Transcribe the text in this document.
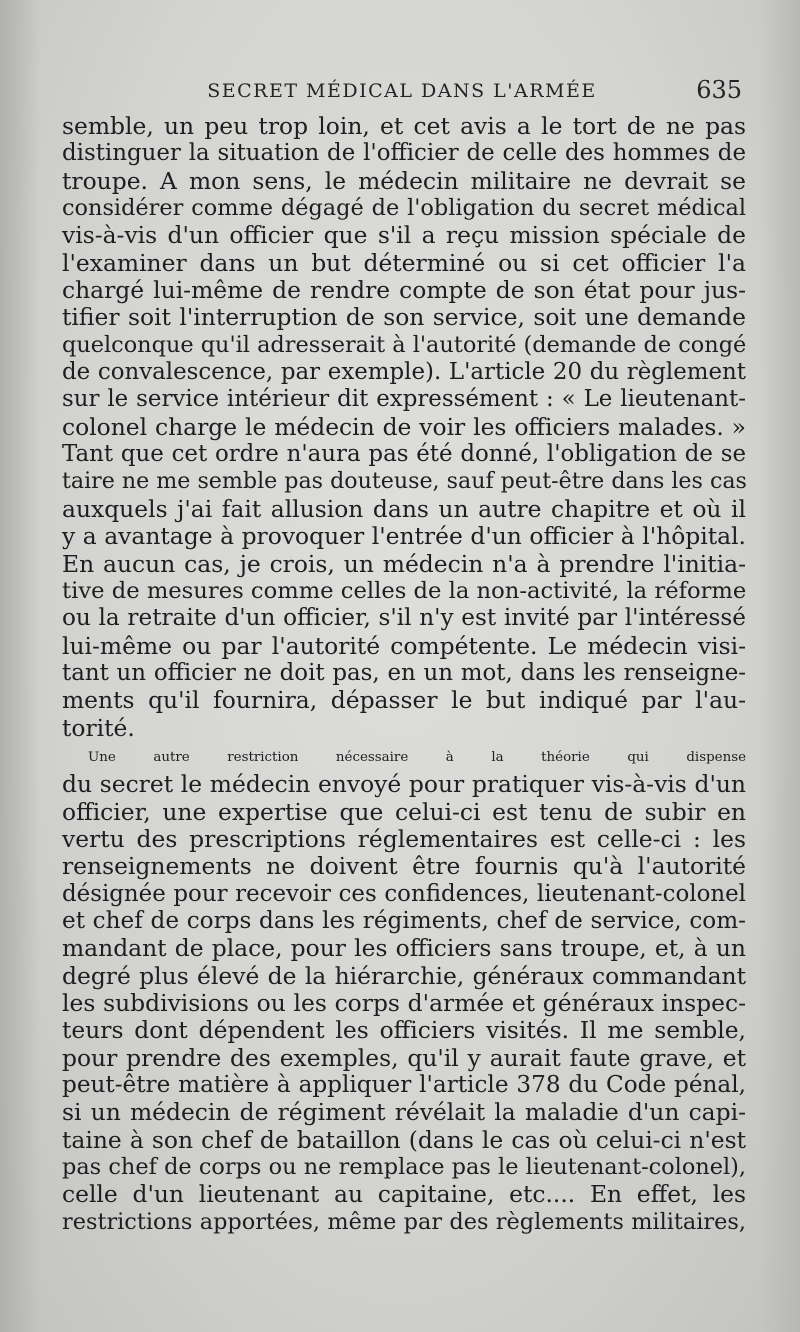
SECRET MÉDICAL DANS L'ARMÉE	635
semble, un peu trop loin, et cet avis a le tort de ne pas
distinguer la situation de l'officier de celle des hommes de
troupe. A mon sens, le médecin militaire ne devrait se
considérer comme dégagé de l'obligation du secret médical
vis-à-vis d'un officier que s'il a reçu mission spéciale de
l'examiner dans un but déterminé ou si cet officier l'a
chargé lui-même de rendre compte de son état pour jus-
tifier soit l'interruption de son service, soit une demande
quelconque qu'il adresserait à l'autorité (demande de congé
de convalescence, par exemple). L'article 20 du règlement
sur le service intérieur dit expressément : « Le lieutenant-
colonel charge le médecin de voir les officiers malades. »
Tant que cet ordre n'aura pas été donné, l'obligation de se
taire ne me semble pas douteuse, sauf peut-être dans les cas
auxquels j'ai fait allusion dans un autre chapitre et où il
y a avantage à provoquer l'entrée d'un officier à l'hôpital.
En aucun cas, je crois, un médecin n'a à prendre l'initia-
tive de mesures comme celles de la non-activité, la réforme
ou la retraite d'un officier, s'il n'y est invité par l'intéressé
lui-même ou par l'autorité compétente. Le médecin visi-
tant un officier ne doit pas, en un mot, dans les renseigne-
ments qu'il fournira, dépasser le but indiqué par l'au-
torité.
Une autre restriction nécessaire à la théorie qui dispense
du secret le médecin envoyé pour pratiquer vis-à-vis d'un
officier, une expertise que celui-ci est tenu de subir en
vertu des prescriptions réglementaires est celle-ci : les
renseignements ne doivent être fournis qu'à l'autorité
désignée pour recevoir ces confidences, lieutenant-colonel
et chef de corps dans les régiments, chef de service, com-
mandant de place, pour les officiers sans troupe, et, à un
degré plus élevé de la hiérarchie, généraux commandant
les subdivisions ou les corps d'armée et généraux inspec-
teurs dont dépendent les officiers visités. Il me semble,
pour prendre des exemples, qu'il y aurait faute grave, et
peut-être matière à appliquer l'article 378 du Code pénal,
si un médecin de régiment révélait la maladie d'un capi-
taine à son chef de bataillon (dans le cas où celui-ci n'est
pas chef de corps ou ne remplace pas le lieutenant-colonel),
celle d'un lieutenant au capitaine, etc.... En effet, les
restrictions apportées, même par des règlements militaires,
